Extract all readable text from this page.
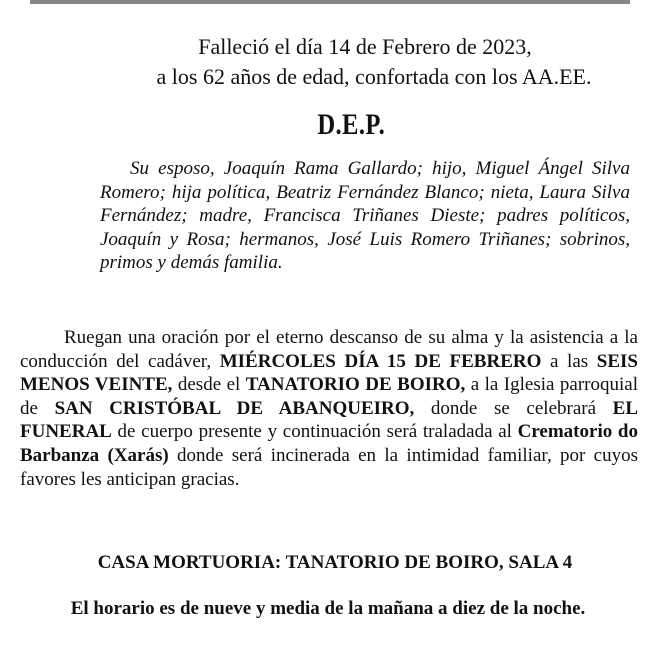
Falleció el día 14 de Febrero de 2023,
a los 62 años de edad, confortada con los AA.EE.
D.E.P.
Su esposo, Joaquín Rama Gallardo; hijo, Miguel Ángel Silva Romero; hija política, Beatriz Fernández Blanco; nieta, Laura Silva Fernández; madre, Francisca Triñanes Dieste; padres políticos, Joaquín y Rosa; hermanos, José Luis Romero Triñanes; sobrinos, primos y demás familia.
Ruegan una oración por el eterno descanso de su alma y la asistencia a la conducción del cadáver, MIÉRCOLES DÍA 15 DE FEBRERO a las SEIS MENOS VEINTE, desde el TANATORIO DE BOIRO, a la Iglesia parroquial de SAN CRISTÓBAL DE ABANQUEIRO, donde se celebrará EL FUNERAL de cuerpo presente y continuación será traladada al Crematorio do Barbanza (Xarás) donde será incinerada en la intimidad familiar, por cuyos favores les anticipan gracias.
CASA MORTUORIA: TANATORIO DE BOIRO, SALA 4
El horario es de nueve y media de la mañana a diez de la noche.
